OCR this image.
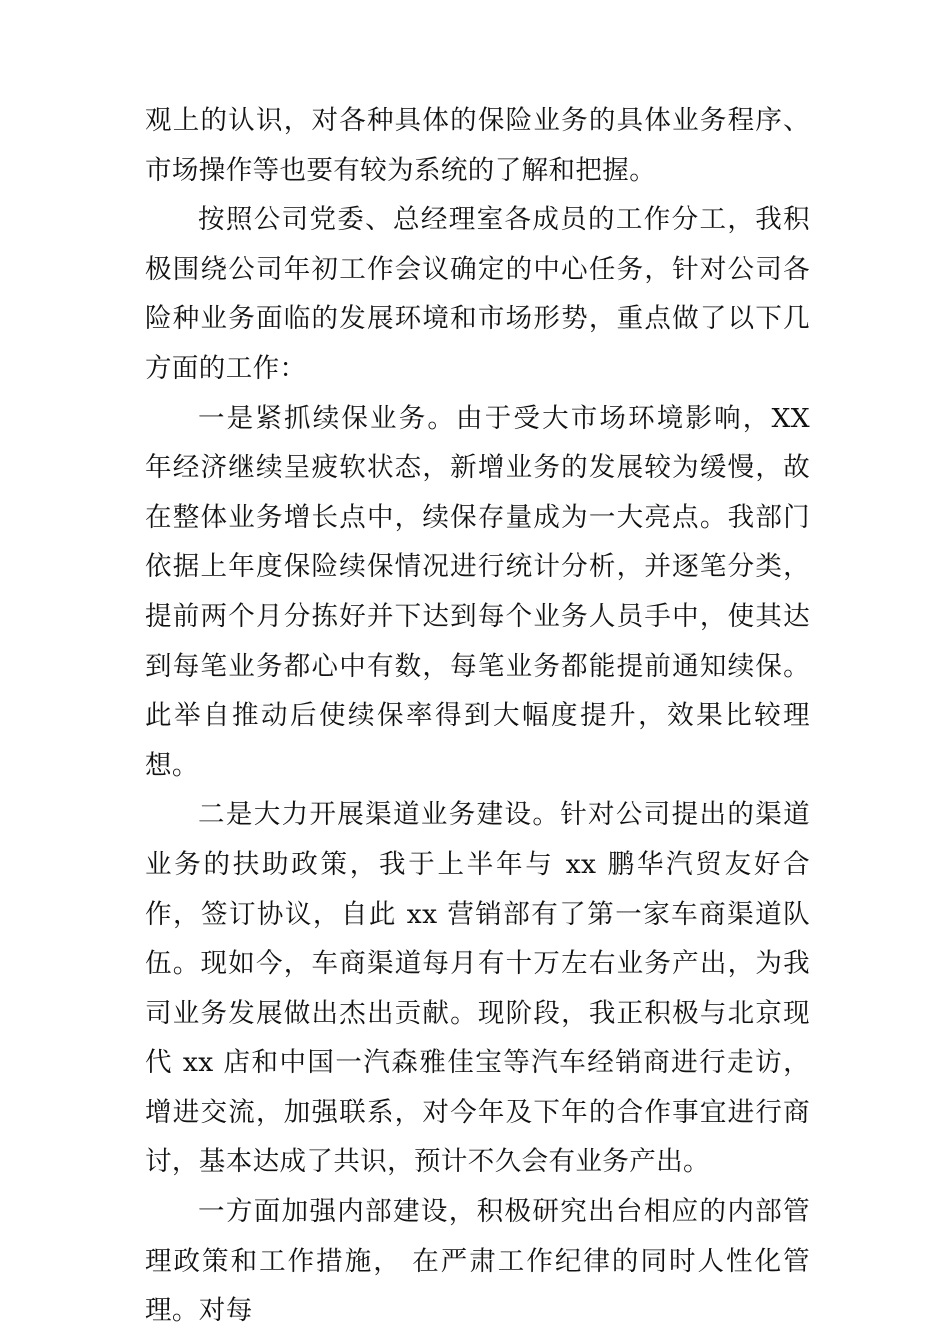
观上的认识，对各种具体的保险业务的具体业务程序、市场操作等也要有较为系统的了解和把握。

按照公司党委、总经理室各成员的工作分工，我积极围绕公司年初工作会议确定的中心任务，针对公司各险种业务面临的发展环境和市场形势，重点做了以下几方面的工作：

一是紧抓续保业务。由于受大市场环境影响，XX 年经济继续呈疲软状态，新增业务的发展较为缓慢，故在整体业务增长点中，续保存量成为一大亮点。我部门依据上年度保险续保情况进行统计分析，并逐笔分类，提前两个月分拣好并下达到每个业务人员手中，使其达到每笔业务都心中有数，每笔业务都能提前通知续保。此举自推动后使续保率得到大幅度提升，效果比较理想。

二是大力开展渠道业务建设。针对公司提出的渠道业务的扶助政策，我于上半年与 xx 鹏华汽贸友好合作，签订协议，自此 xx 营销部有了第一家车商渠道队伍。现如今，车商渠道每月有十万左右业务产出，为我司业务发展做出杰出贡献。现阶段，我正积极与北京现代 xx 店和中国一汽森雅佳宝等汽车经销商进行走访，增进交流，加强联系，对今年及下年的合作事宜进行商讨，基本达成了共识，预计不久会有业务产出。

一方面加强内部建设，积极研究出台相应的内部管理政策和工作措施， 在严肃工作纪律的同时人性化管理。对每
